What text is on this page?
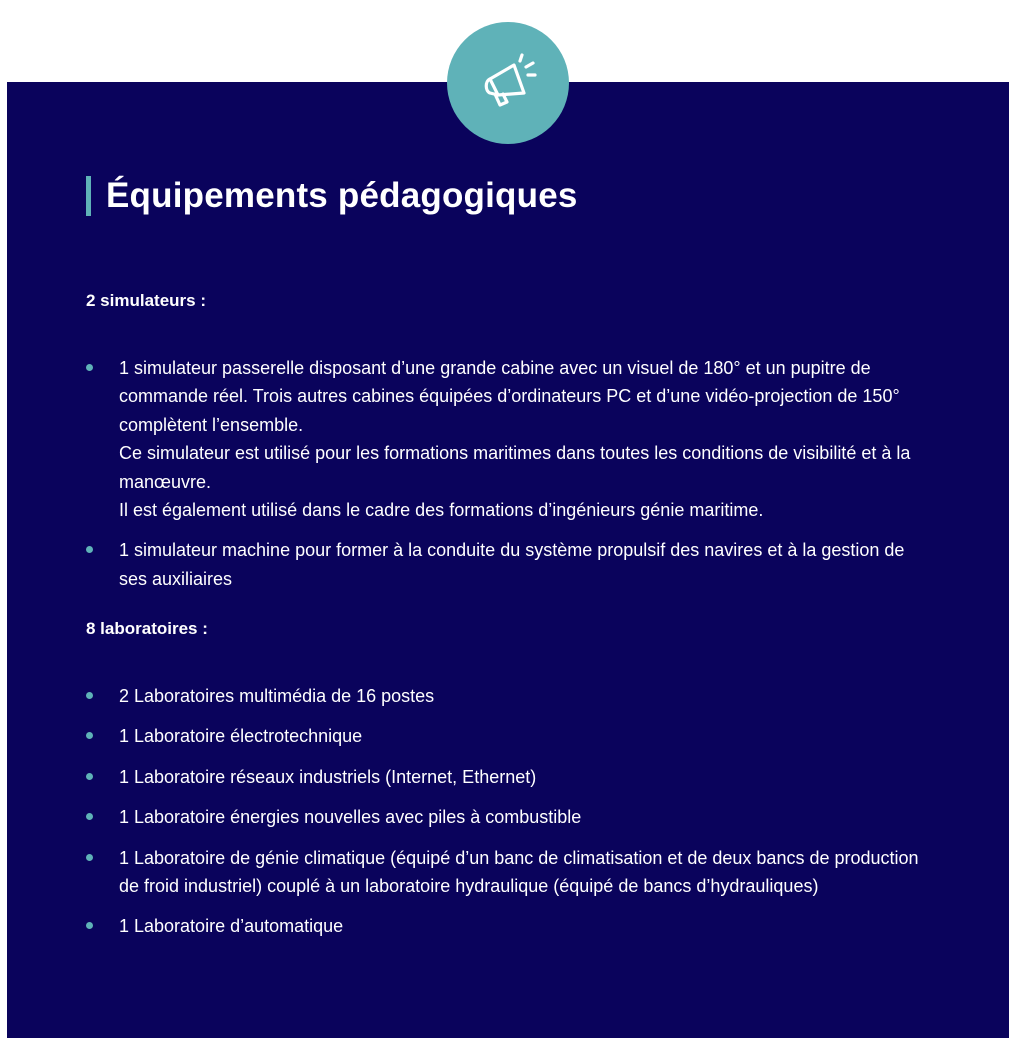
Équipements pédagogiques
2 simulateurs :
1 simulateur passerelle disposant d’une grande cabine avec un visuel de 180° et un pupitre de commande réel. Trois autres cabines équipées d’ordinateurs PC et d’une vidéo-projection de 150° complètent l’ensemble.
Ce simulateur est utilisé pour les formations maritimes dans toutes les conditions de visibilité et à la manœuvre.
Il est également utilisé dans le cadre des formations d’ingénieurs génie maritime.
1 simulateur machine pour former à la conduite du système propulsif des navires et à la gestion de ses auxiliaires
8 laboratoires :
2 Laboratoires multimédia de 16 postes
1 Laboratoire électrotechnique
1 Laboratoire réseaux industriels (Internet, Ethernet)
1 Laboratoire énergies nouvelles avec piles à combustible
1 Laboratoire de génie climatique (équipé d’un banc de climatisation et de deux bancs de production de froid industriel) couplé à un laboratoire hydraulique (équipé de bancs d’hydrauliques)
1 Laboratoire d’automatique
